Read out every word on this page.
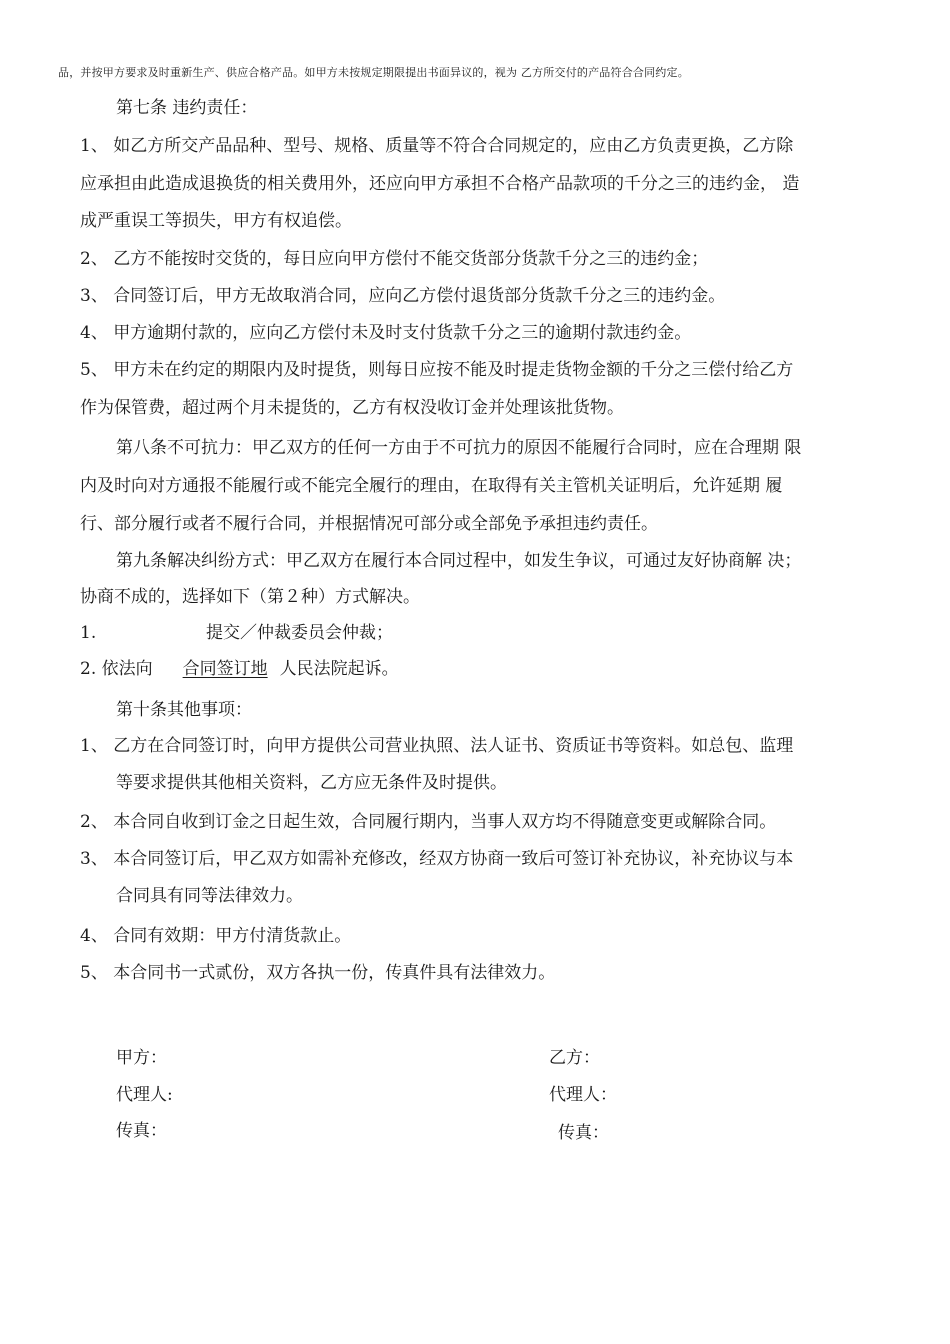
品，并按甲方要求及时重新生产、供应合格产品。如甲方未按规定期限提出书面异议的，视为 乙方所交付的产品符合合同约定。
第七条 违约责任：
1、 如乙方所交产品品种、型号、规格、质量等不符合合同规定的，应由乙方负责更换，乙方除
应承担由此造成退换货的相关费用外，还应向甲方承担不合格产品款项的千分之三的违约金， 造
成严重误工等损失，甲方有权追偿。
2、 乙方不能按时交货的，每日应向甲方偿付不能交货部分货款千分之三的违约金；
3、 合同签订后，甲方无故取消合同，应向乙方偿付退货部分货款千分之三的违约金。
4、 甲方逾期付款的，应向乙方偿付未及时支付货款千分之三的逾期付款违约金。
5、 甲方未在约定的期限内及时提货，则每日应按不能及时提走货物金额的千分之三偿付给乙方
作为保管费，超过两个月未提货的，乙方有权没收订金并处理该批货物。
第八条不可抗力：甲乙双方的任何一方由于不可抗力的原因不能履行合同时，应在合理期 限
内及时向对方通报不能履行或不能完全履行的理由，在取得有关主管机关证明后，允许延期 履
行、部分履行或者不履行合同，并根据情况可部分或全部免予承担违约责任。
第九条解决纠纷方式：甲乙双方在履行本合同过程中，如发生争议，可通过友好协商解 决；
协商不成的，选择如下（第２种）方式解决。
1.	提交／仲裁委员会仲裁；
2. 依法向 合同签订地 人民法院起诉。
第十条其他事项：
1、 乙方在合同签订时，向甲方提供公司营业执照、法人证书、资质证书等资料。如总包、监理
等要求提供其他相关资料，乙方应无条件及时提供。
2、 本合同自收到订金之日起生效，合同履行期内，当事人双方均不得随意变更或解除合同。
3、 本合同签订后，甲乙双方如需补充修改，经双方协商一致后可签订补充协议，补充协议与本
合同具有同等法律效力。
4、 合同有效期：甲方付清货款止。
5、 本合同书一式贰份，双方各执一份，传真件具有法律效力。
甲方：	乙方：
代理人:	代理人：
传真：	传真：
